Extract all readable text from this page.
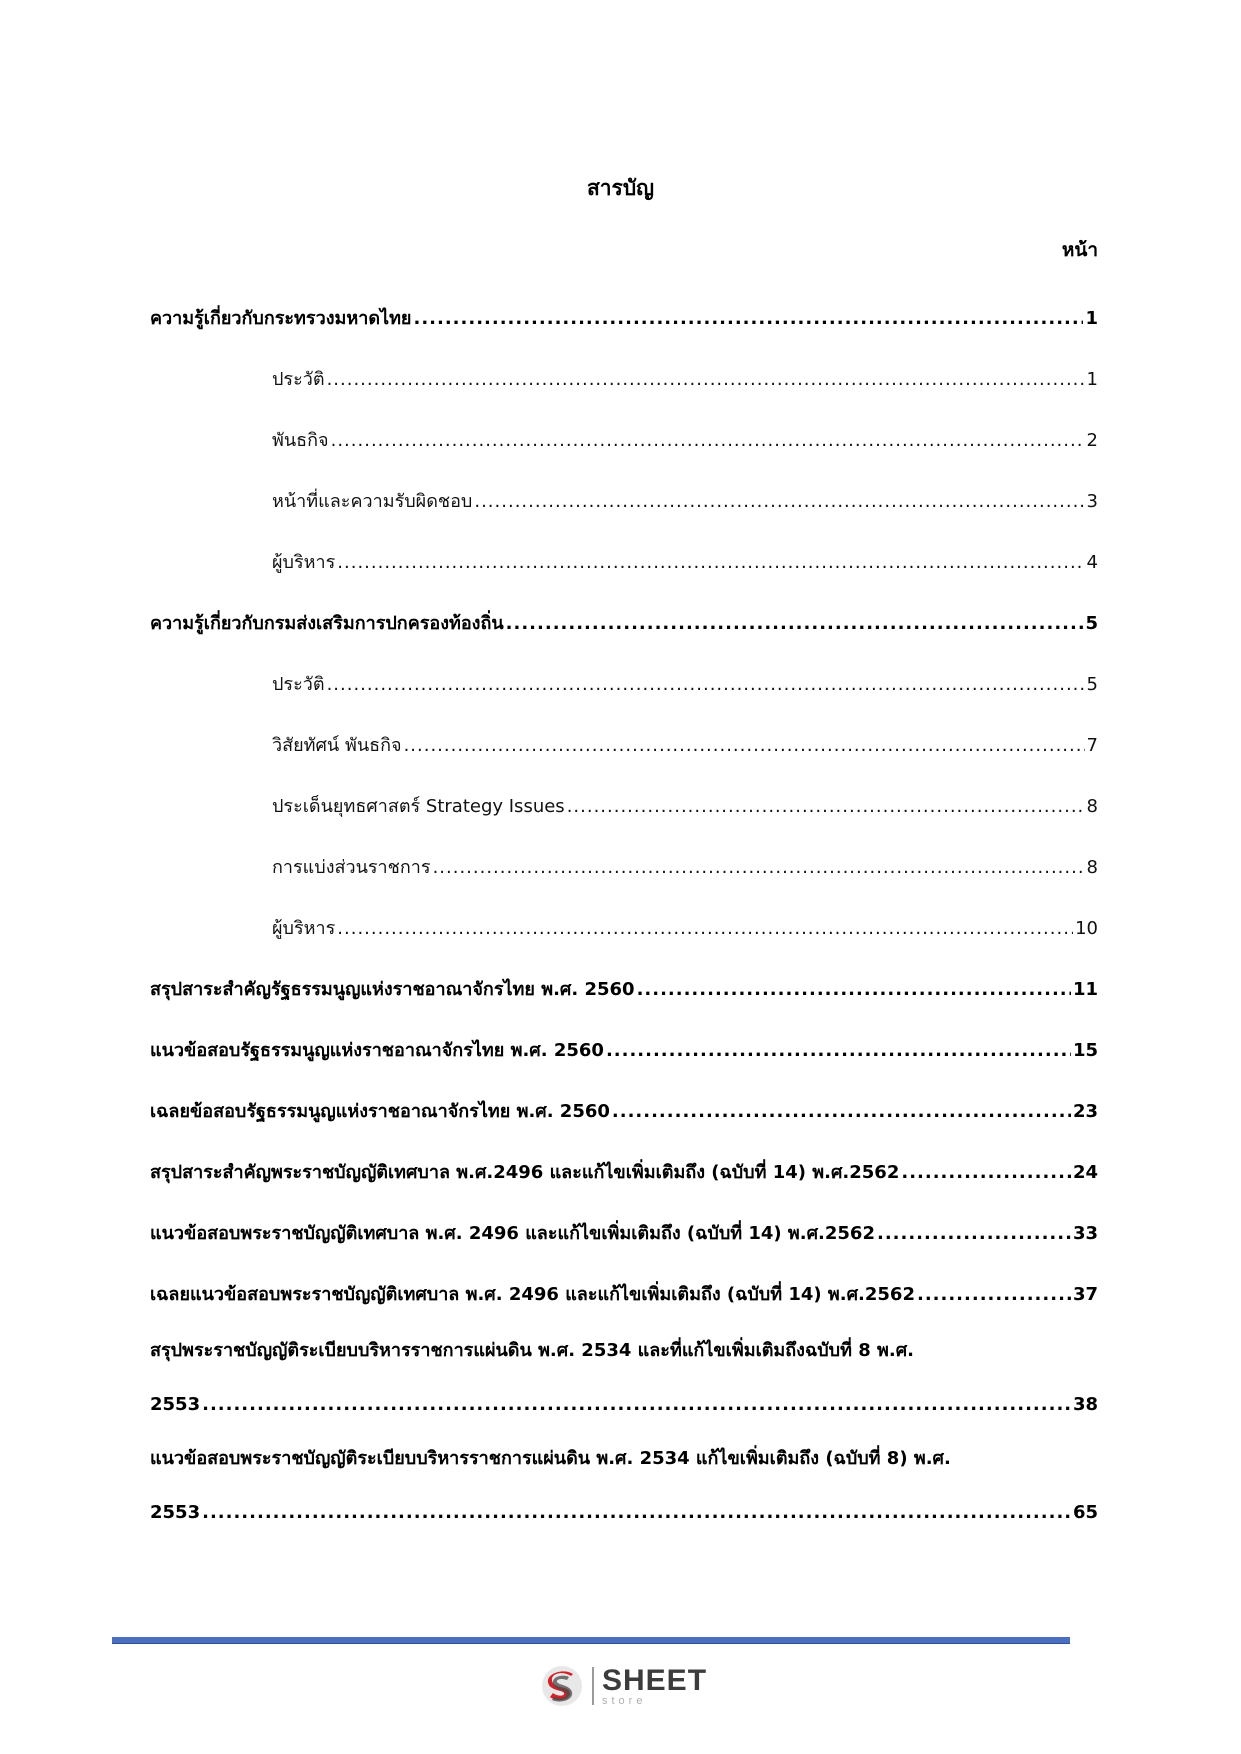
สารบัญ
หน้า
ความรู้เกี่ยวกับกระทรวงมหาดไทย .....	1
ประวัติ .....	1
พันธกิจ .....	2
หน้าที่และความรับผิดชอบ .....	3
ผู้บริหาร .....	4
ความรู้เกี่ยวกับกรมส่งเสริมการปกครองท้องถิ่น .....	5
ประวัติ .....	5
วิสัยทัศน์ พันธกิจ .....	7
ประเด็นยุทธศาสตร์ Strategy Issues .....	8
การแบ่งส่วนราชการ .....	8
ผู้บริหาร .....	10
สรุปสาระสำคัญรัฐธรรมนูญแห่งราชอาณาจักรไทย พ.ศ. 2560 .....	11
แนวข้อสอบรัฐธรรมนูญแห่งราชอาณาจักรไทย พ.ศ. 2560 .....	15
เฉลยข้อสอบรัฐธรรมนูญแห่งราชอาณาจักรไทย พ.ศ. 2560 .....	23
สรุปสาระสำคัญพระราชบัญญัติเทศบาล พ.ศ.2496 และแก้ไขเพิ่มเติมถึง (ฉบับที่ 14) พ.ศ.2562 .....	24
แนวข้อสอบพระราชบัญญัติเทศบาล พ.ศ. 2496 และแก้ไขเพิ่มเติมถึง (ฉบับที่ 14) พ.ศ.2562 .....	33
เฉลยแนวข้อสอบพระราชบัญญัติเทศบาล พ.ศ. 2496 และแก้ไขเพิ่มเติมถึง (ฉบับที่ 14) พ.ศ.2562 .....	37
สรุปพระราชบัญญัติระเบียบบริหารราชการแผ่นดิน พ.ศ. 2534 และที่แก้ไขเพิ่มเติมถึงฉบับที่ 8 พ.ศ.
2553 .....	38
แนวข้อสอบพระราชบัญญัติระเบียบบริหารราชการแผ่นดิน พ.ศ. 2534 แก้ไขเพิ่มเติมถึง (ฉบับที่ 8) พ.ศ.
2553 .....	65
SHEET
store
